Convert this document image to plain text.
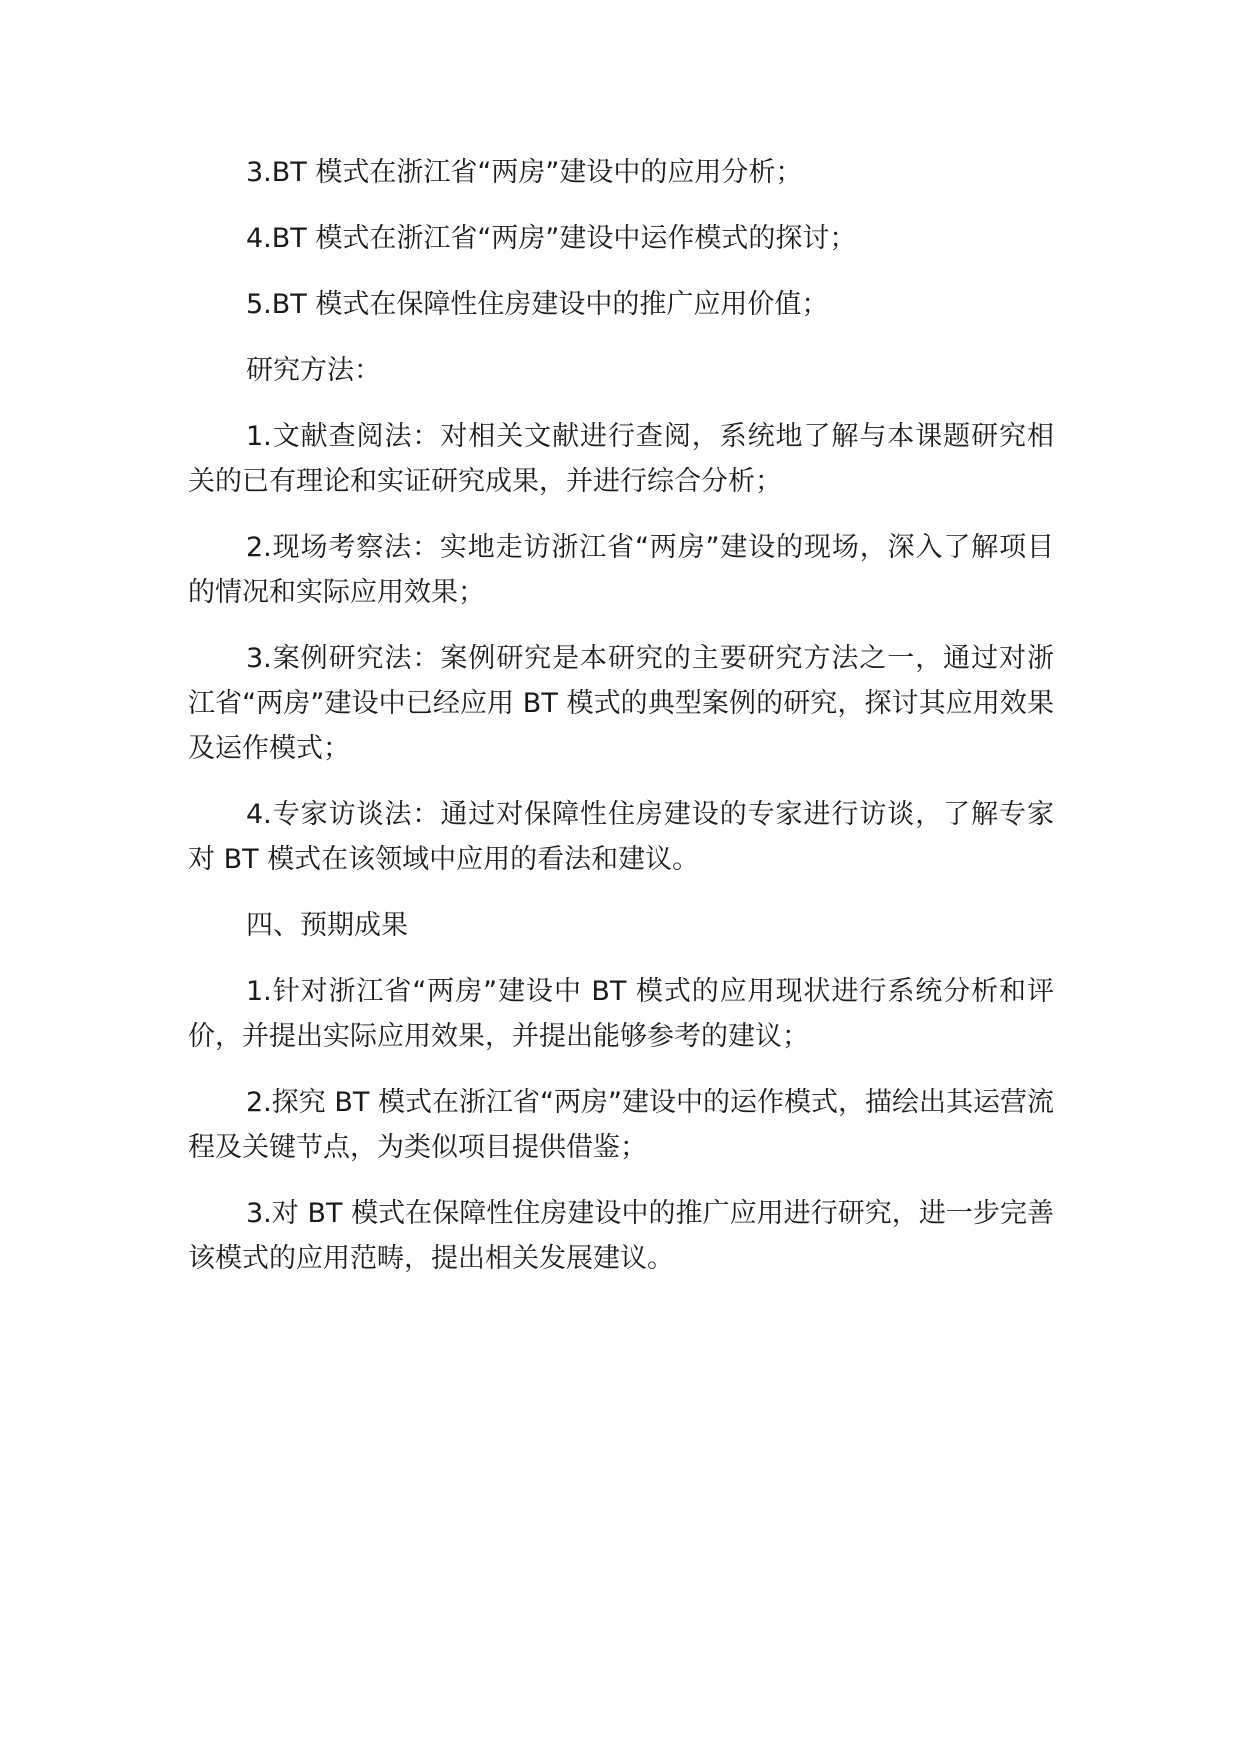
3.BT 模式在浙江省“两房”建设中的应用分析；

4.BT 模式在浙江省“两房”建设中运作模式的探讨；

5.BT 模式在保障性住房建设中的推广应用价值；

研究方法：

1.文献查阅法：对相关文献进行查阅，系统地了解与本课题研究相关的已有理论和实证研究成果，并进行综合分析；

2.现场考察法：实地走访浙江省“两房”建设的现场，深入了解项目的情况和实际应用效果；

3.案例研究法：案例研究是本研究的主要研究方法之一，通过对浙江省“两房”建设中已经应用 BT 模式的典型案例的研究，探讨其应用效果及运作模式；

4.专家访谈法：通过对保障性住房建设的专家进行访谈，了解专家对 BT 模式在该领域中应用的看法和建议。

四、预期成果

1.针对浙江省“两房”建设中 BT 模式的应用现状进行系统分析和评价，并提出实际应用效果，并提出能够参考的建议；

2.探究 BT 模式在浙江省“两房”建设中的运作模式，描绘出其运营流程及关键节点，为类似项目提供借鉴；

3.对 BT 模式在保障性住房建设中的推广应用进行研究，进一步完善该模式的应用范畴，提出相关发展建议。
